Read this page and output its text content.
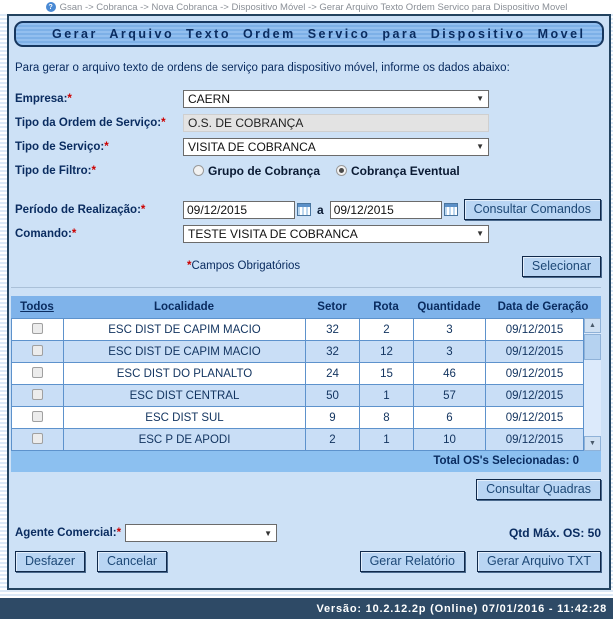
? Gsan -> Cobranca -> Nova Cobranca -> Dispositivo Móvel -> Gerar Arquivo Texto Ordem Servico para Dispositivo Movel
Gerar Arquivo Texto Ordem Servico para Dispositivo Movel
Para gerar o arquivo texto de ordens de serviço para dispositivo móvel, informe os dados abaixo:
Empresa:*	CAERN	▼
Tipo da Ordem de Serviço:*	O.S. DE COBRANÇA
Tipo de Serviço:*	VISITA DE COBRANCA	▼
Tipo de Filtro:*	Grupo de Cobrança	Cobrança Eventual
Período de Realização:*
09/12/2015	a
09/12/2015	Consultar Comandos
Comando:*	TESTE VISITA DE COBRANCA	▼
*Campos Obrigatórios	Selecionar
Todos	Localidade	Setor	Rota	Quantidade	Data de Geração
	ESC DIST DE CAPIM MACIO	32	2	3	09/12/2015
	ESC DIST DE CAPIM MACIO	32	12	3	09/12/2015
	ESC DIST DO PLANALTO	24	15	46	09/12/2015
	ESC DIST CENTRAL	50	1	57	09/12/2015
	ESC DIST SUL	9	8	6	09/12/2015
	ESC P DE APODI	2	1	10	09/12/2015
▲
▼
Total OS's Selecionadas: 0
Consultar Quadras
Agente Comercial:*	▼	Qtd Máx. OS: 50
Desfazer	Cancelar	Gerar Relatório	Gerar Arquivo TXT
Versão: 10.2.12.2p (Online) 07/01/2016 - 11:42:28
